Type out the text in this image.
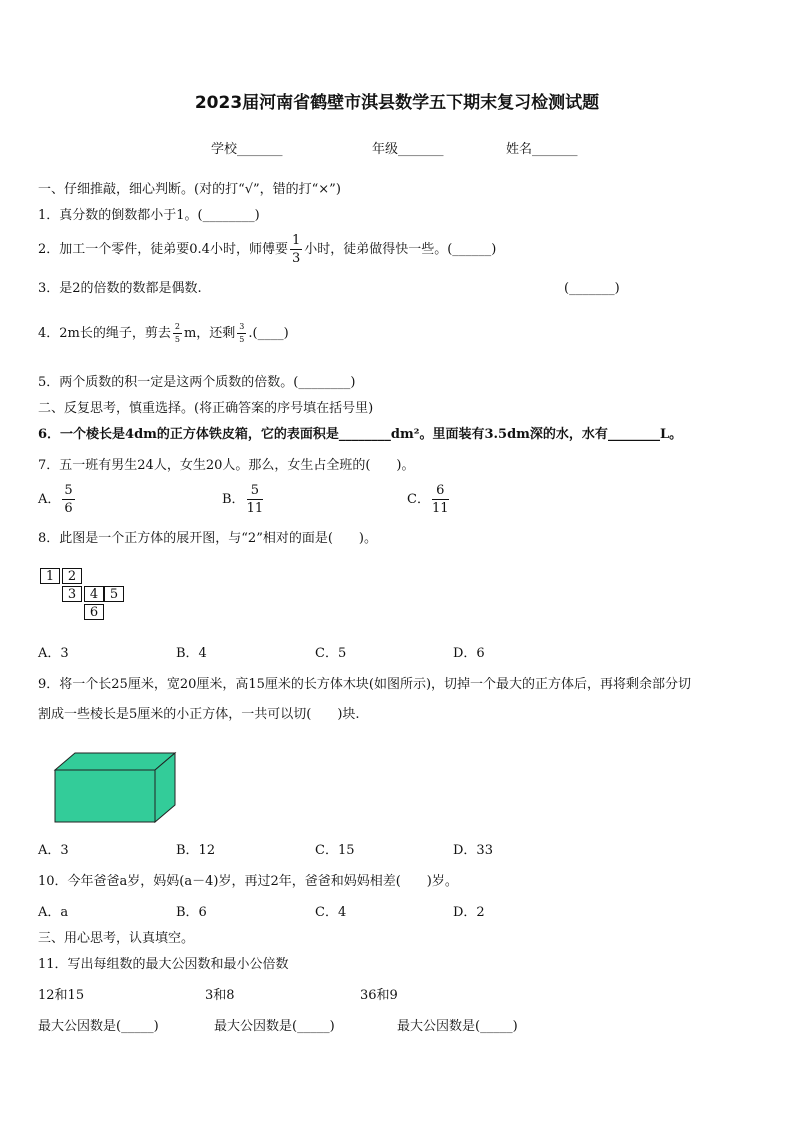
2023届河南省鹤壁市淇县数学五下期末复习检测试题
学校_______	年级_______	姓名_______
一、仔细推敲，细心判断。(对的打“√”，错的打“×”)
1．真分数的倒数都小于1。(________)
2．加工一个零件，徒弟要0.4小时，师傅要 $\frac{1}{3}$ 小时，徒弟做得快一些。(______)
3．是2的倍数的数都是偶数.	(_______)
4．2m长的绳子，剪去 $\frac{2}{5}$ m，还剩 $\frac{3}{5}$ .(____)
5．两个质数的积一定是这两个质数的倍数。(________)
二、反复思考，慎重选择。(将正确答案的序号填在括号里)
6．一个棱长是4dm的正方体铁皮箱，它的表面积是________dm²。里面装有3.5dm深的水，水有________L。
7．五一班有男生24人，女生20人。那么，女生占全班的(　　)。
A． $\frac{5}{6}$	B． $\frac{5}{11}$	C． $\frac{6}{11}$
8．此图是一个正方体的展开图，与“2”相对的面是(　　)。
1	2
3	4 5
6
A．3	B．4	C．5	D．6
9．将一个长25厘米，宽20厘米，高15厘米的长方体木块(如图所示)，切掉一个最大的正方体后，再将剩余部分切
割成一些棱长是5厘米的小正方体，一共可以切(　　)块.
A．3	B．12	C．15	D．33
10．今年爸爸a岁，妈妈(a－4)岁，再过2年，爸爸和妈妈相差(　　)岁。
A．a	B．6	C．4	D．2
三、用心思考，认真填空。
11．写出每组数的最大公因数和最小公倍数
12和15	3和8	36和9
最大公因数是(_____)	最大公因数是(_____)	最大公因数是(_____)
